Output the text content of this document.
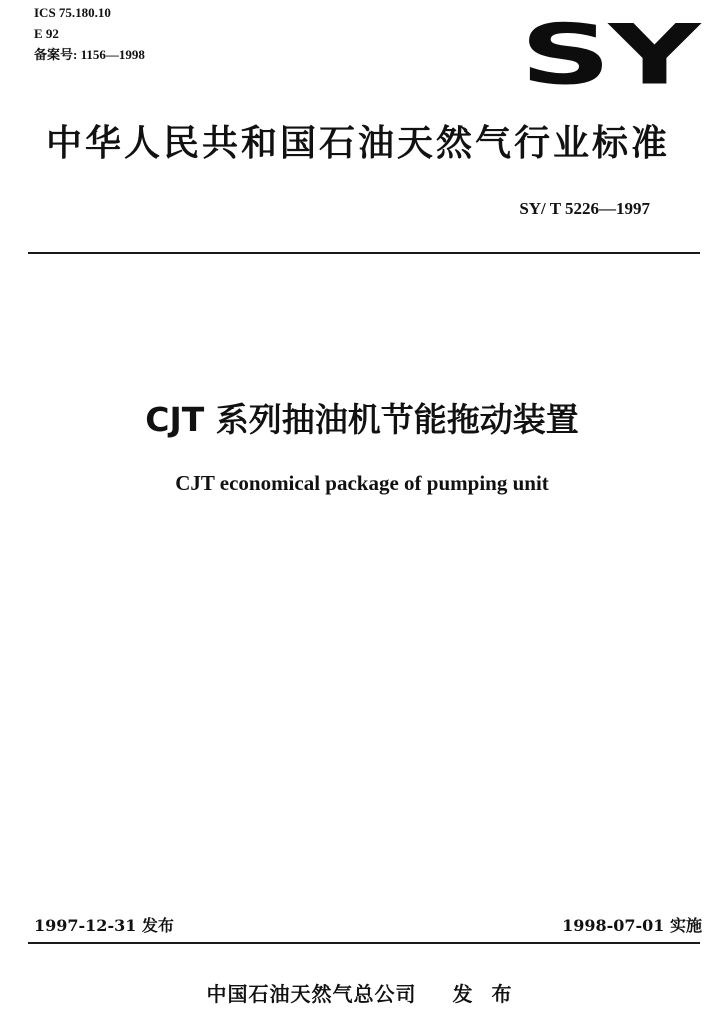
ICS 75.180.10
E 92
备案号: 1156—1998	SY
中华人民共和国石油天然气行业标准
SY/ T 5226—1997
CJT 系列抽油机节能拖动装置
CJT economical package of pumping unit
1997-12-31 发布	1998-07-01 实施
中国石油天然气总公司 发 布
